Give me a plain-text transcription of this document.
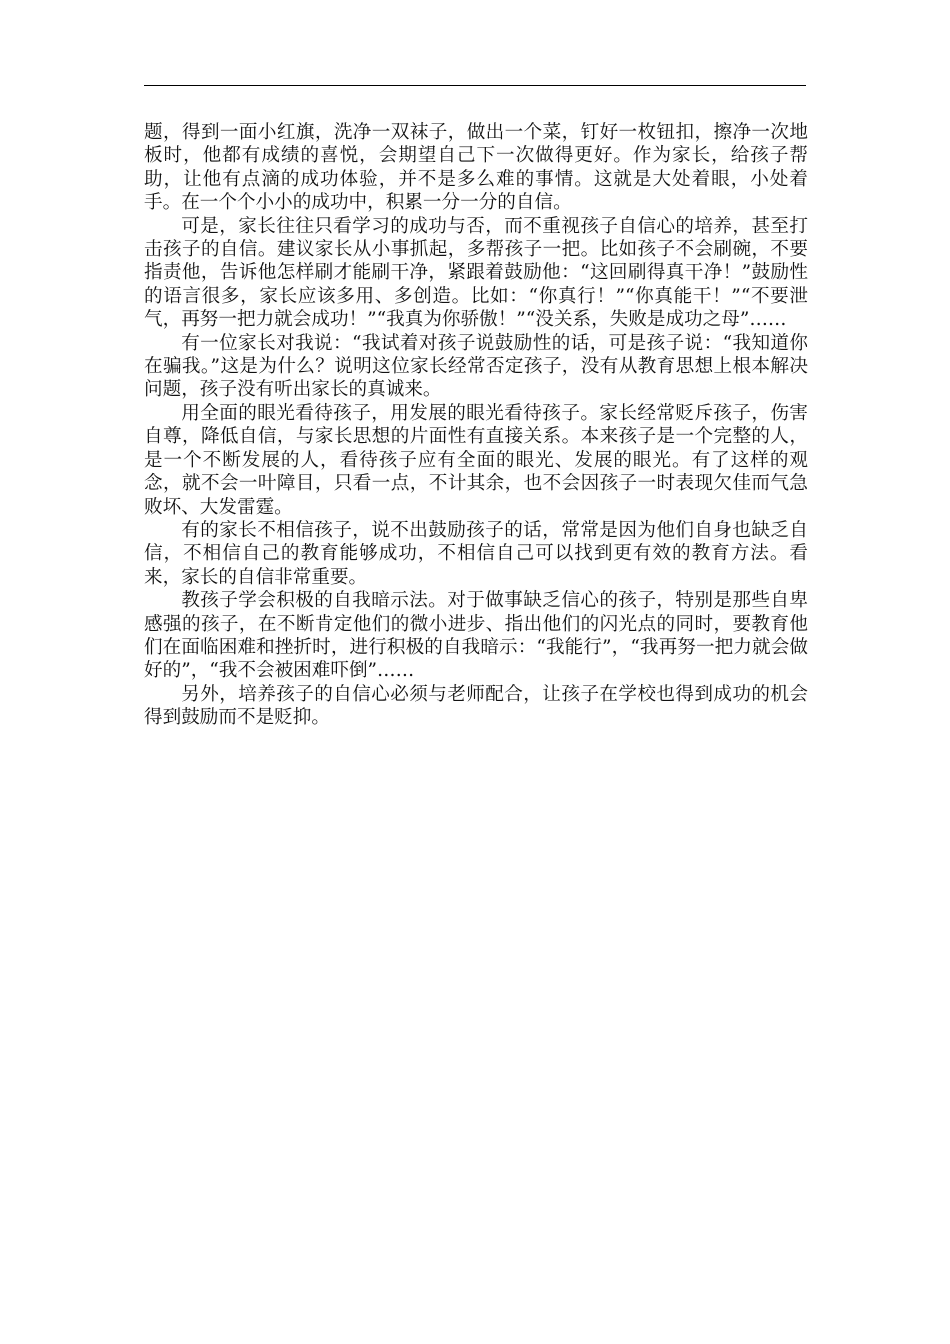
题，得到一面小红旗，洗净一双袜子，做出一个菜，钉好一枚钮扣，擦净一次地板时，他都有成绩的喜悦，会期望自己下一次做得更好。作为家长，给孩子帮助，让他有点滴的成功体验，并不是多么难的事情。这就是大处着眼，小处着手。在一个个小小的成功中，积累一分一分的自信。

可是，家长往往只看学习的成功与否，而不重视孩子自信心的培养，甚至打击孩子的自信。建议家长从小事抓起，多帮孩子一把。比如孩子不会刷碗，不要指责他，告诉他怎样刷才能刷干净，紧跟着鼓励他：“这回刷得真干净！”鼓励性的语言很多，家长应该多用、多创造。比如：“你真行！”“你真能干！”“不要泄气，再努一把力就会成功！”“我真为你骄傲！”“没关系，失败是成功之母”……

有一位家长对我说：“我试着对孩子说鼓励性的话，可是孩子说：“我知道你在骗我。”这是为什么？说明这位家长经常否定孩子，没有从教育思想上根本解决问题，孩子没有听出家长的真诚来。

用全面的眼光看待孩子，用发展的眼光看待孩子。家长经常贬斥孩子，伤害自尊，降低自信，与家长思想的片面性有直接关系。本来孩子是一个完整的人，是一个不断发展的人，看待孩子应有全面的眼光、发展的眼光。有了这样的观念，就不会一叶障目，只看一点，不计其余，也不会因孩子一时表现欠佳而气急败坏、大发雷霆。

有的家长不相信孩子，说不出鼓励孩子的话，常常是因为他们自身也缺乏自信，不相信自己的教育能够成功，不相信自己可以找到更有效的教育方法。看来，家长的自信非常重要。

教孩子学会积极的自我暗示法。对于做事缺乏信心的孩子，特别是那些自卑感强的孩子，在不断肯定他们的微小进步、指出他们的闪光点的同时，要教育他们在面临困难和挫折时，进行积极的自我暗示：“我能行”，“我再努一把力就会做好的”，“我不会被困难吓倒”……

另外，培养孩子的自信心必须与老师配合，让孩子在学校也得到成功的机会得到鼓励而不是贬抑。
